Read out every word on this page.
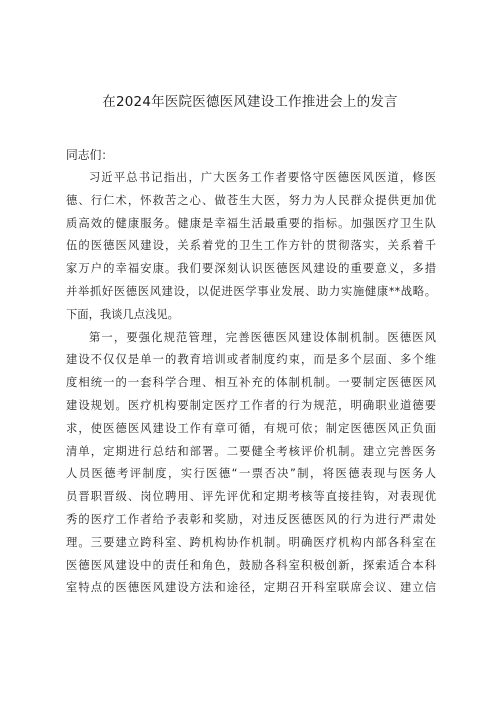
在2024年医院医德医风建设工作推进会上的发言
同志们：
习近平总书记指出，广大医务工作者要恪守医德医风医道，修医
德、行仁术，怀救苦之心、做苍生大医，努力为人民群众提供更加优
质高效的健康服务。健康是幸福生活最重要的指标。加强医疗卫生队
伍的医德医风建设，关系着党的卫生工作方针的贯彻落实，关系着千
家万户的幸福安康。我们要深刻认识医德医风建设的重要意义，多措
并举抓好医德医风建设，以促进医学事业发展、助力实施健康**战略。
下面，我谈几点浅见。
第一，要强化规范管理，完善医德医风建设体制机制。医德医风
建设不仅仅是单一的教育培训或者制度约束，而是多个层面、多个维
度相统一的一套科学合理、相互补充的体制机制。一要制定医德医风
建设规划。医疗机构要制定医疗工作者的行为规范，明确职业道德要
求，使医德医风建设工作有章可循，有规可依；制定医德医风正负面
清单，定期进行总结和部署。二要健全考核评价机制。建立完善医务
人员医德考评制度，实行医德“一票否决”制，将医德表现与医务人
员晋职晋级、岗位聘用、评先评优和定期考核等直接挂钩，对表现优
秀的医疗工作者给予表彰和奖励，对违反医德医风的行为进行严肃处
理。三要建立跨科室、跨机构协作机制。明确医疗机构内部各科室在
医德医风建设中的责任和角色，鼓励各科室积极创新，探索适合本科
室特点的医德医风建设方法和途径，定期召开科室联席会议、建立信
